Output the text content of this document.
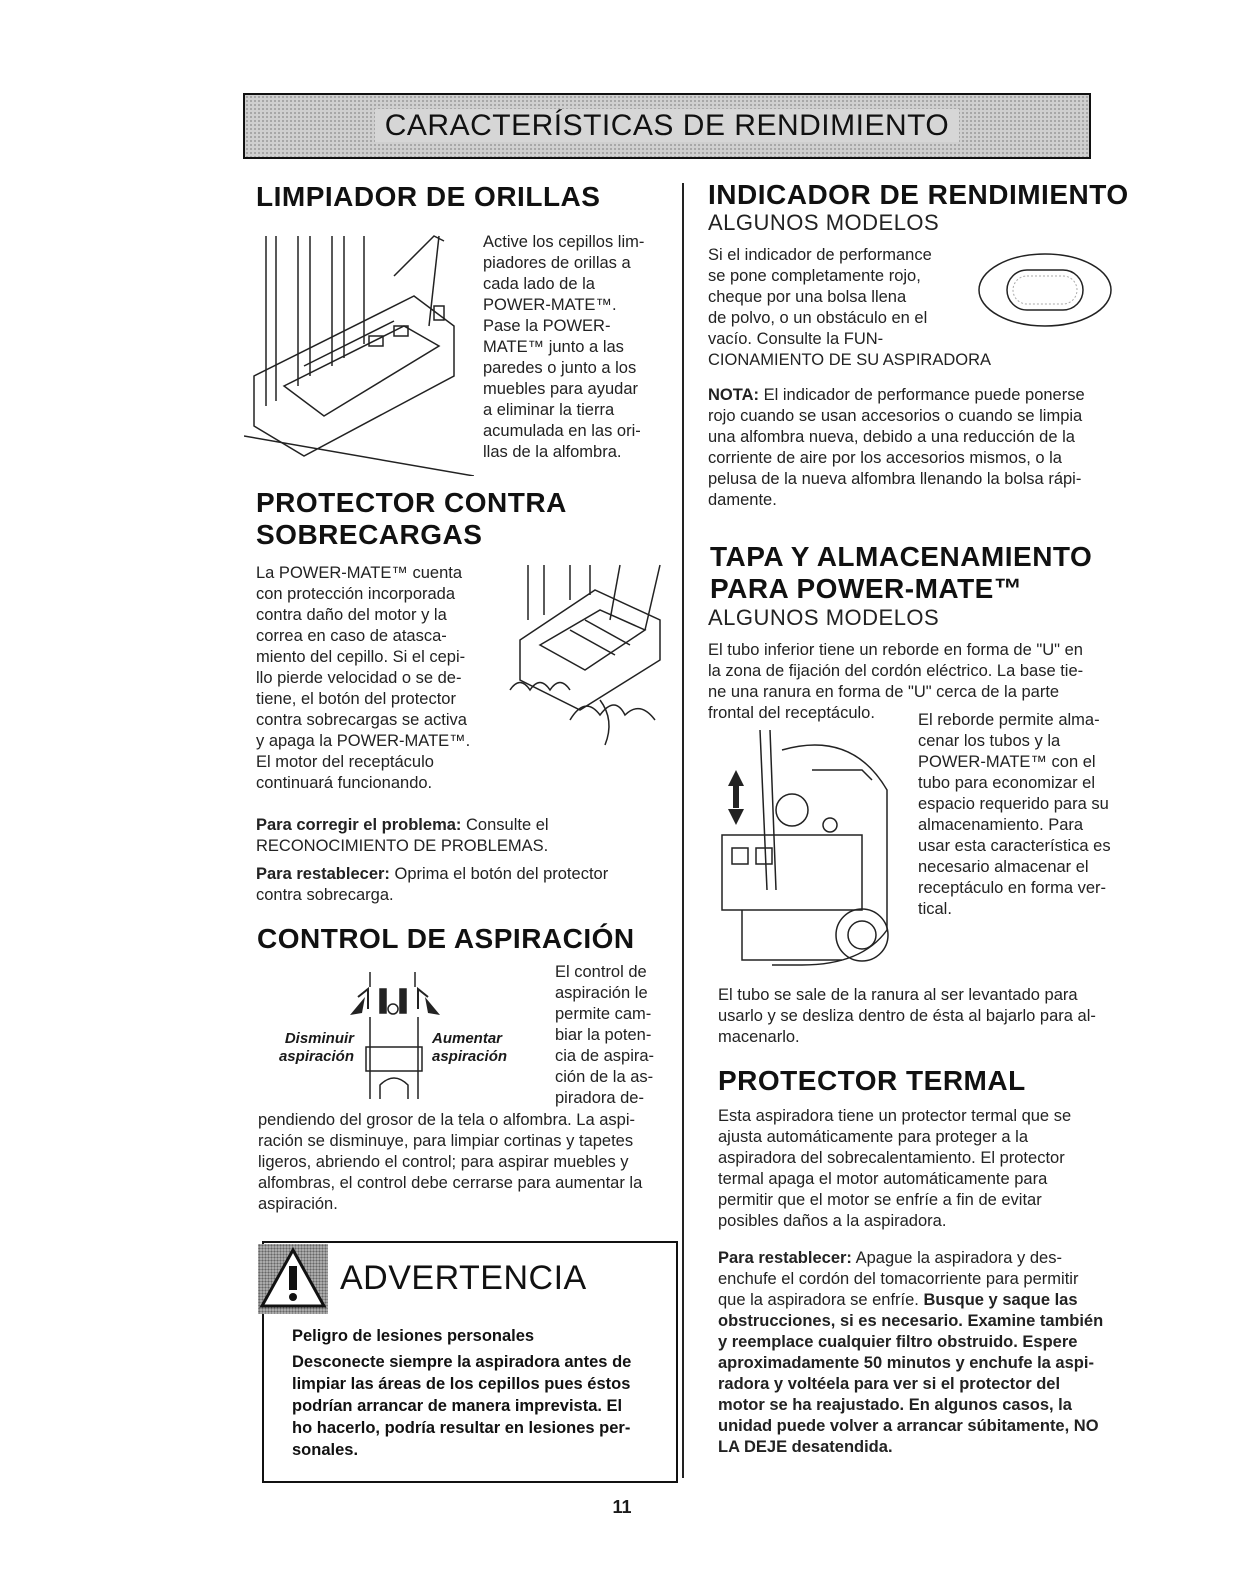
CARACTERÍSTICAS DE RENDIMIENTO
LIMPIADOR DE ORILLAS
Active los cepillos lim-
piadores de orillas a
cada lado de la
POWER-MATE™.
Pase la POWER-
MATE™ junto a las
paredes o junto a los
muebles para ayudar
a eliminar la tierra
acumulada en las ori-
llas de la alfombra.
PROTECTOR CONTRA
SOBRECARGAS
La POWER-MATE™ cuenta
con protección incorporada
contra daño del motor y la
correa en caso de atasca-
miento del cepillo. Si el cepi-
llo pierde velocidad o se de-
tiene, el botón del protector
contra sobrecargas se activa
y apaga la POWER-MATE™.
El motor del receptáculo
continuará funcionando.
Para corregir el problema: Consulte el
RECONOCIMIENTO DE PROBLEMAS.
Para restablecer: Oprima el botón del protector
contra sobrecarga.
CONTROL DE ASPIRACIÓN
Disminuir
aspiración
Aumentar
aspiración
El control de
aspiración le
permite cam-
biar la poten-
cia de aspira-
ción de la as-
piradora de-
pendiendo del grosor de la tela o alfombra. La aspi-
ración se disminuye, para limpiar cortinas y tapetes
ligeros, abriendo el control; para aspirar muebles y
alfombras, el control debe cerrarse para aumentar la
aspiración.
ADVERTENCIA
Peligro de lesiones personales
Desconecte siempre la aspiradora antes de
limpiar las áreas de los cepillos pues éstos
podrían arrancar de manera imprevista. El
ho hacerlo, podría resultar en lesiones per-
sonales.
INDICADOR DE RENDIMIENTO
ALGUNOS MODELOS
Si el indicador de performance
se pone completamente rojo,
cheque por una bolsa llena
de polvo, o un obstáculo en el
vacío. Consulte la FUN-
CIONAMIENTO DE SU ASPIRADORA
NOTA: El indicador de performance puede ponerse
rojo cuando se usan accesorios o cuando se limpia
una alfombra nueva, debido a una reducción de la
corriente de aire por los accesorios mismos, o la
pelusa de la nueva alfombra llenando la bolsa rápi-
damente.
TAPA Y ALMACENAMIENTO
PARA POWER-MATE™
ALGUNOS MODELOS
El tubo inferior tiene un reborde en forma de "U" en
la zona de fijación del cordón eléctrico. La base tie-
ne una ranura en forma de "U" cerca de la parte
frontal del receptáculo.	El reborde permite alma-
cenar los tubos y la
POWER-MATE™ con el
tubo para economizar el
espacio requerido para su
almacenamiento. Para
usar esta característica es
necesario almacenar el
receptáculo en forma ver-
tical.
El tubo se sale de la ranura al ser levantado para
usarlo y se desliza dentro de ésta al bajarlo para al-
macenarlo.
PROTECTOR TERMAL
Esta aspiradora tiene un protector termal que se
ajusta automáticamente para proteger a la
aspiradora del sobrecalentamiento. El protector
termal apaga el motor automáticamente para
permitir que el motor se enfríe a fin de evitar
posibles daños a la aspiradora.
Para restablecer: Apague la aspiradora y des-
enchufe el cordón del tomacorriente para permitir
que la aspiradora se enfríe. Busque y saque las
obstrucciones, si es necesario. Examine también
y reemplace cualquier filtro obstruido. Espere
aproximadamente 50 minutos y enchufe la aspi-
radora y voltéela para ver si el protector del
motor se ha reajustado. En algunos casos, la
unidad puede volver a arrancar súbitamente, NO
LA DEJE desatendida.
11
